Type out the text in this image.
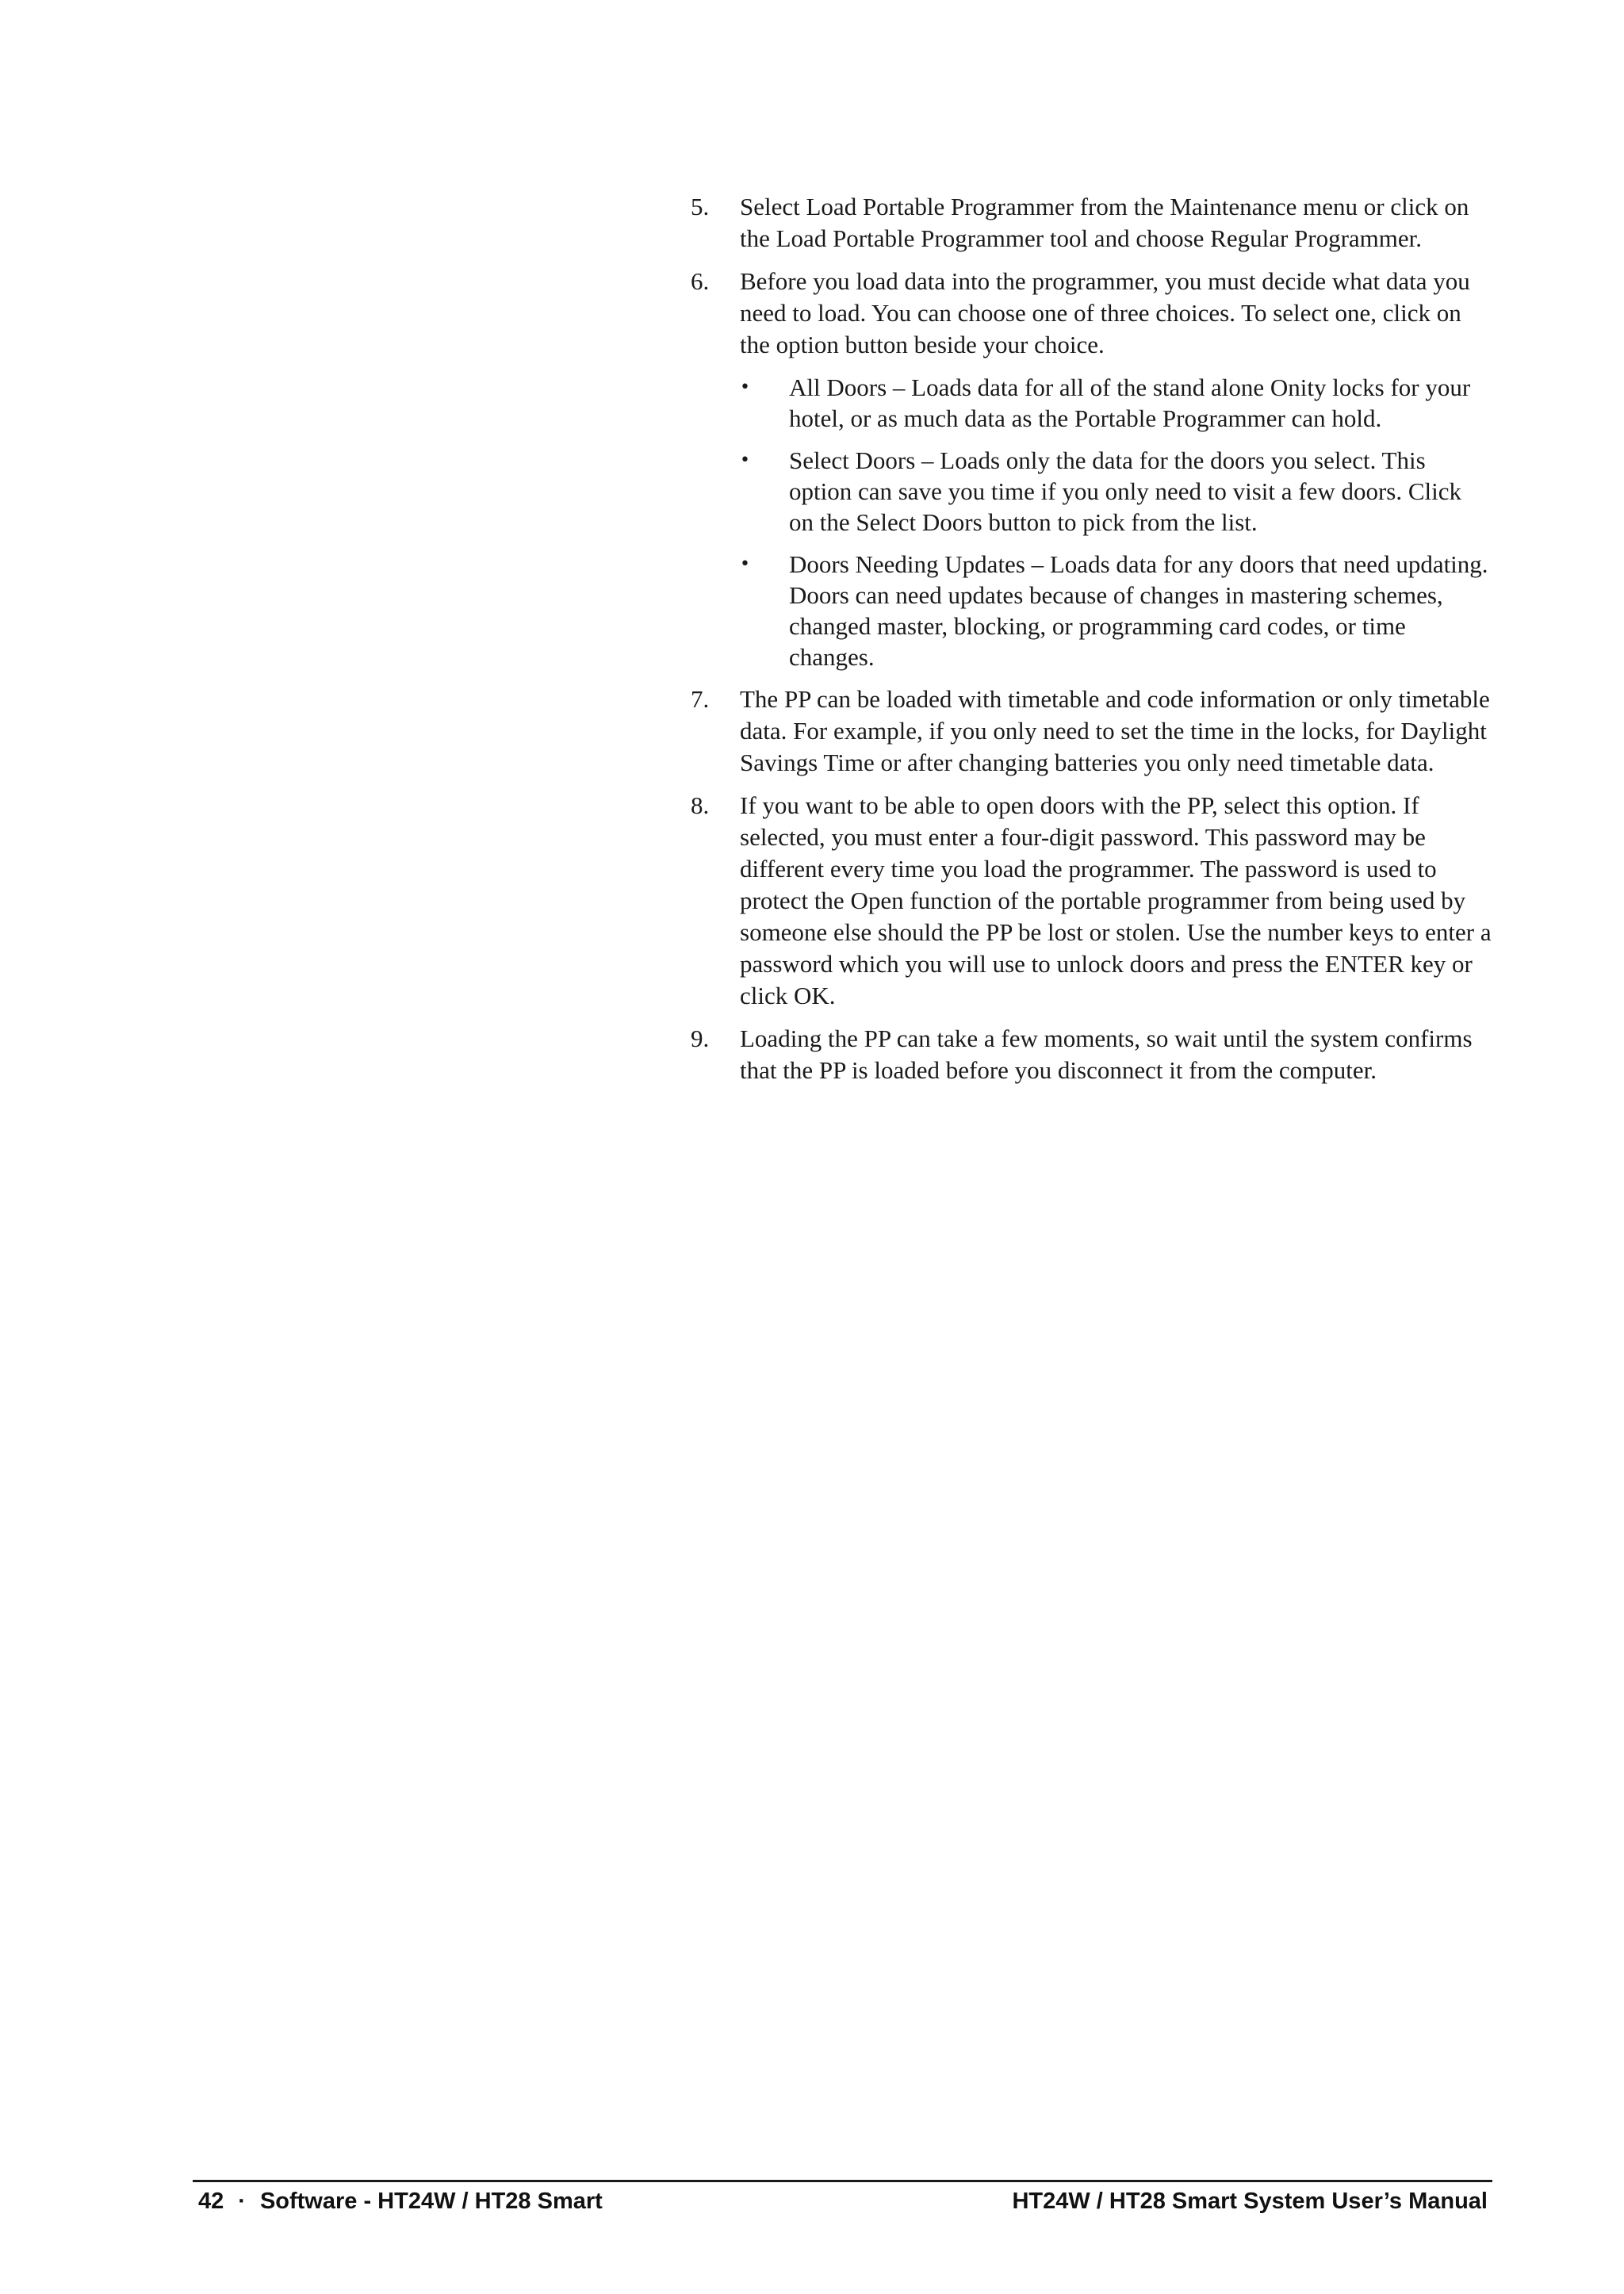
5. Select Load Portable Programmer from the Maintenance menu or click on the Load Portable Programmer tool and choose Regular Programmer.
6. Before you load data into the programmer, you must decide what data you need to load. You can choose one of three choices. To select one, click on the option button beside your choice.
• All Doors – Loads data for all of the stand alone Onity locks for your hotel, or as much data as the Portable Programmer can hold.
• Select Doors – Loads only the data for the doors you select. This option can save you time if you only need to visit a few doors. Click on the Select Doors button to pick from the list.
• Doors Needing Updates – Loads data for any doors that need updating. Doors can need updates because of changes in mastering schemes, changed master, blocking, or programming card codes, or time changes.
7. The PP can be loaded with timetable and code information or only timetable data. For example, if you only need to set the time in the locks, for Daylight Savings Time or after changing batteries you only need timetable data.
8. If you want to be able to open doors with the PP, select this option. If selected, you must enter a four-digit password. This password may be different every time you load the programmer. The password is used to protect the Open function of the portable programmer from being used by someone else should the PP be lost or stolen. Use the number keys to enter a password which you will use to unlock doors and press the ENTER key or click OK.
9. Loading the PP can take a few moments, so wait until the system confirms that the PP is loaded before you disconnect it from the computer.
42 · Software - HT24W / HT28 Smart	HT24W / HT28 Smart System User’s Manual
